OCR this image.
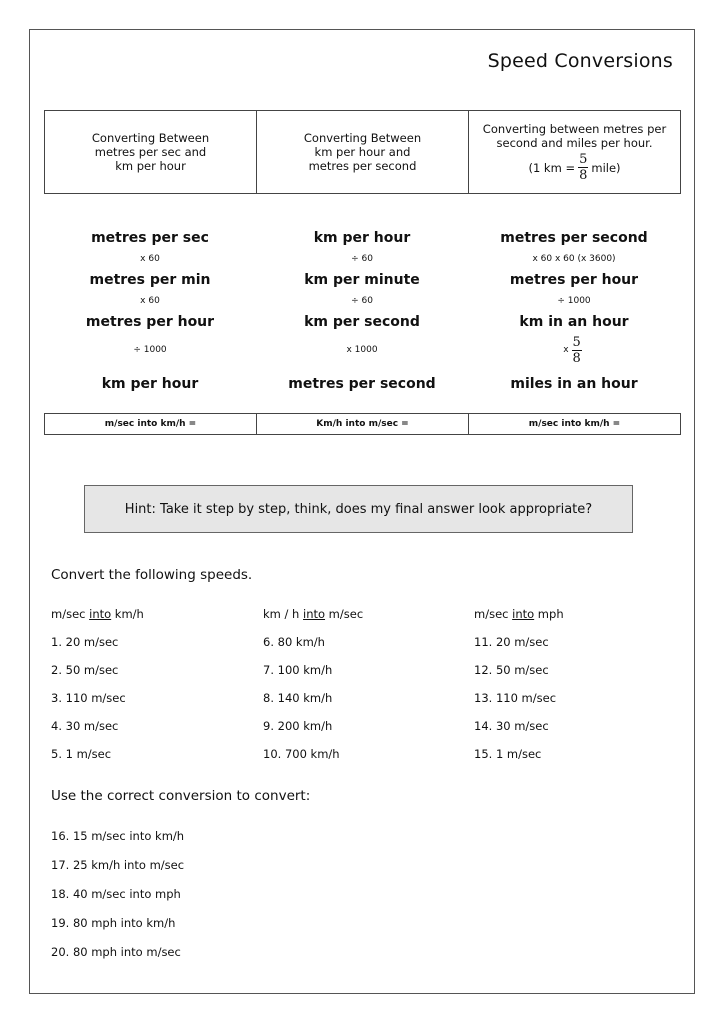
Speed Conversions
Converting Between
metres per sec and
km per hour
Converting Between
km per hour and
metres per second
Converting between metres per
second and miles per hour.
(1 km = $\frac{5}{8}$ mile)
metres per sec
x 60
metres per min
x 60
metres per hour
÷ 1000
km per hour
km per hour
÷ 60
km per minute
÷ 60
km per second
x 1000
metres per second
metres per second
x 60 x 60 (x 3600)
metres per hour
÷ 1000
km in an hour
x $\frac{5}{8}$
miles in an hour
m/sec into km/h =	Km/h into m/sec =	m/sec into km/h =
Hint: Take it step by step, think, does my final answer look appropriate?
Convert the following speeds.
m/sec into km/h
1. 20 m/sec
2. 50 m/sec
3. 110 m/sec
4. 30 m/sec
5. 1 m/sec
km / h into m/sec
6. 80 km/h
7. 100 km/h
8. 140 km/h
9. 200 km/h
10. 700 km/h
m/sec into mph
11. 20 m/sec
12. 50 m/sec
13. 110 m/sec
14. 30 m/sec
15. 1 m/sec
Use the correct conversion to convert:
16. 15 m/sec into km/h
17. 25 km/h into m/sec
18. 40 m/sec into mph
19. 80 mph into km/h
20. 80 mph into m/sec
